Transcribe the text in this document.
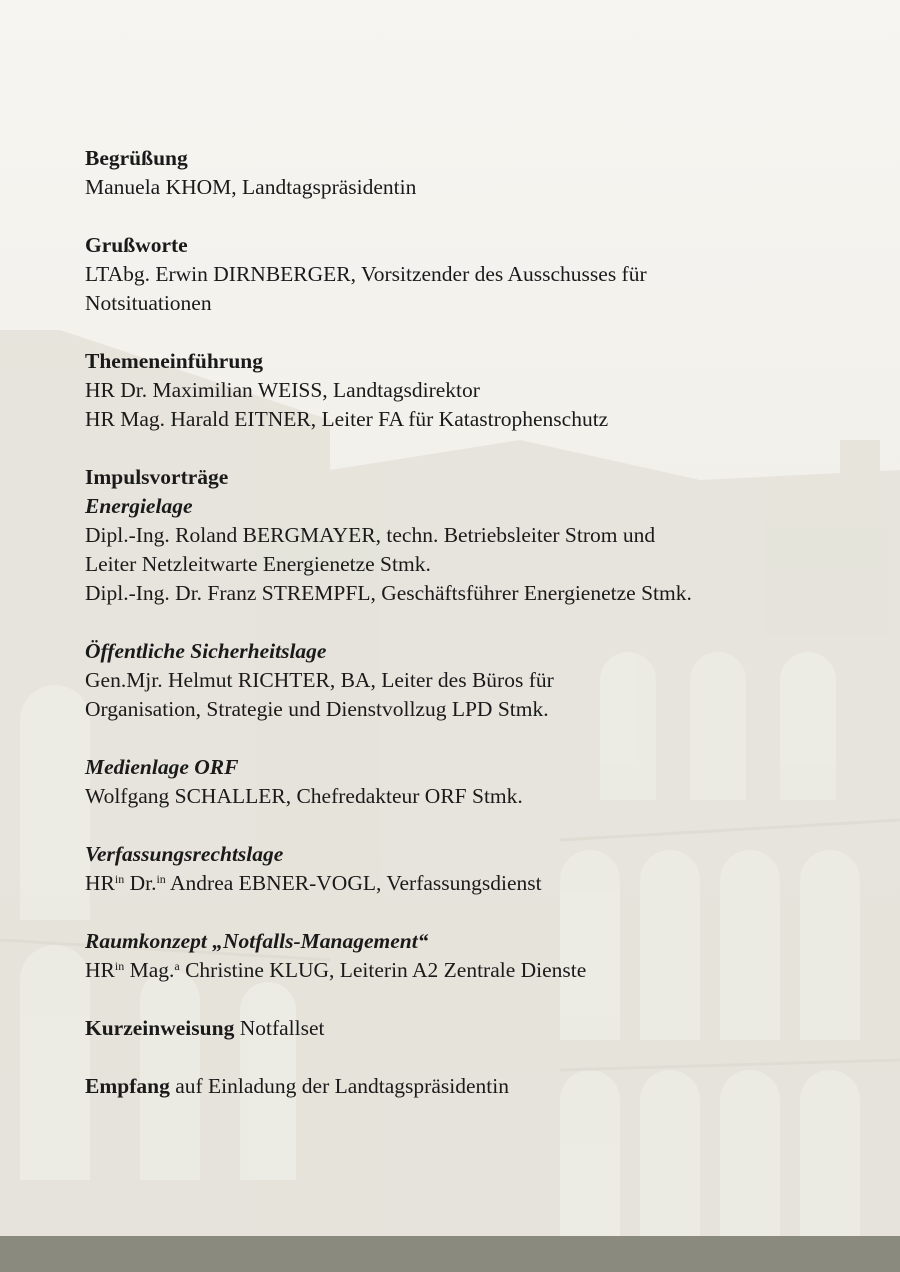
Begrüßung
Manuela KHOM, Landtagspräsidentin
Grußworte
LTAbg. Erwin DIRNBERGER, Vorsitzender des Ausschusses für
Notsituationen
Themeneinführung
HR Dr. Maximilian WEISS, Landtagsdirektor
HR Mag. Harald EITNER, Leiter FA für Katastrophenschutz
Impulsvorträge
Energielage
Dipl.-Ing. Roland BERGMAYER, techn. Betriebsleiter Strom und
Leiter Netzleitwarte Energienetze Stmk.
Dipl.-Ing. Dr. Franz STREMPFL, Geschäftsführer Energienetze Stmk.
Öffentliche Sicherheitslage
Gen.Mjr. Helmut RICHTER, BA, Leiter des Büros für
Organisation, Strategie und Dienstvollzug LPD Stmk.
Medienlage ORF
Wolfgang SCHALLER, Chefredakteur ORF Stmk.
Verfassungsrechtslage
$HR^{in}$ Dr.$^{in}$ Andrea EBNER-VOGL, Verfassungsdienst
Raumkonzept „Notfalls-Management“
$HR^{in}$ Mag.$^a$ Christine KLUG, Leiterin A2 Zentrale Dienste
Kurzeinweisung Notfallset
Empfang auf Einladung der Landtagspräsidentin
